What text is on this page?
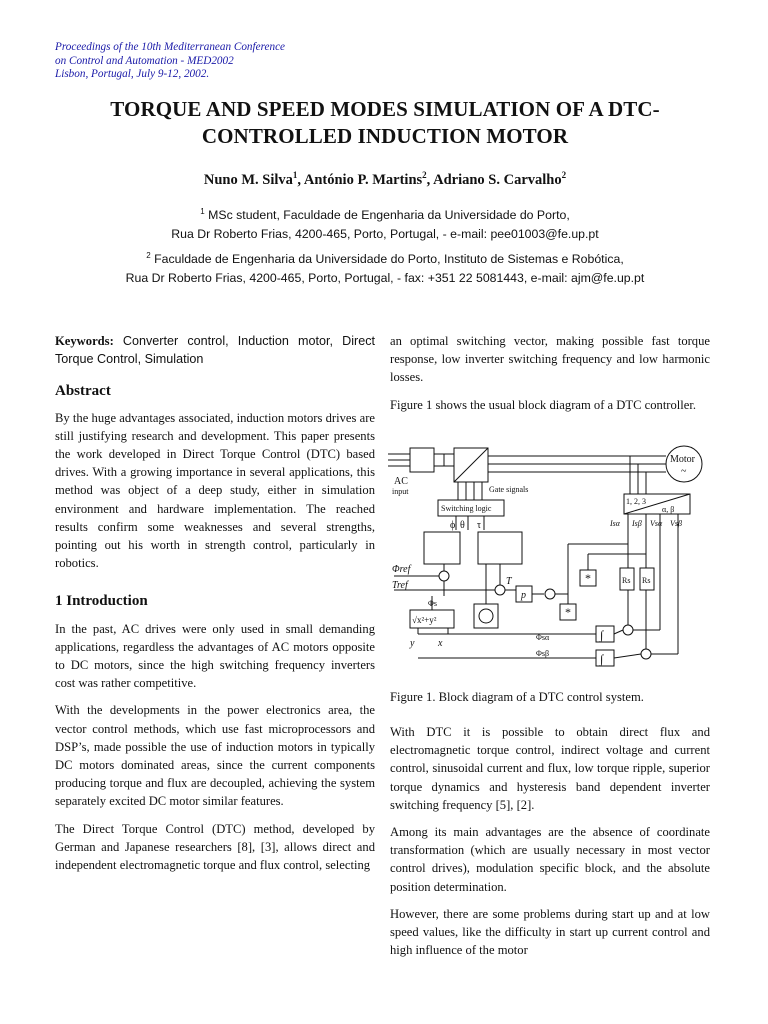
Proceedings of the 10th Mediterranean Conference
on Control and Automation - MED2002
Lisbon, Portugal, July 9-12, 2002.
TORQUE AND SPEED MODES SIMULATION OF A DTC-
CONTROLLED INDUCTION MOTOR
Nuno M. Silva$^1$, António P. Martins$^2$, Adriano S. Carvalho$^2$
$^1$ MSc student, Faculdade de Engenharia da Universidade do Porto,
Rua Dr Roberto Frias, 4200-465, Porto, Portugal, - e-mail: pee01003@fe.up.pt
$^2$ Faculdade de Engenharia da Universidade do Porto, Instituto de Sistemas e Robótica,
Rua Dr Roberto Frias, 4200-465, Porto, Portugal, - fax: +351 22 5081443, e-mail: ajm@fe.up.pt

Keywords: Converter control, Induction motor, Direct Torque Control, Simulation

Abstract

By the huge advantages associated, induction motors drives are still justifying research and development. This paper presents the work developed in Direct Torque Control (DTC) based drives. With a growing importance in several applications, this method was object of a deep study, either in simulation environment and hardware implementation. The reached results confirm some weaknesses and several strengths, pointing out his worth in strength control, particularly in robotics.

1 Introduction

In the past, AC drives were only used in small demanding applications, regardless the advantages of AC motors opposite to DC motors, since the high switching frequency inverters cost was rather competitive.

With the developments in the power electronics area, the vector control methods, which use fast microprocessors and DSP’s, made possible the use of induction motors in typically DC motors dominated areas, since the current components producing torque and flux are decoupled, achieving the system separately excited DC motor similar features.

The Direct Torque Control (DTC) method, developed by German and Japanese researchers [8], [3], allows direct and independent electromagnetic torque and flux control, selecting

an optimal switching vector, making possible fast torque response, low inverter switching frequency and low harmonic losses.

Figure 1 shows the usual block diagram of a DTC controller.

AC
input	Gate signals
Switching logic
Motor
~
1, 2, 3
α, β
ϕ θ τ
Φref
Tref	T
p
Φs
√x²+y²
y x
Φsα
Φsβ
Rs Rs
Isα Isβ Vsα Vsβ
*
*
∫
∫
Figure 1. Block diagram of a DTC control system.

With DTC it is possible to obtain direct flux and electromagnetic torque control, indirect voltage and current control, sinusoidal current and flux, low torque ripple, superior torque dynamics and hysteresis band dependent inverter switching frequency [5], [2].

Among its main advantages are the absence of coordinate transformation (which are usually necessary in most vector control drives), modulation specific block, and the absolute position determination.

However, there are some problems during start up and at low speed values, like the difficulty in start up current control and high influence of the motor
